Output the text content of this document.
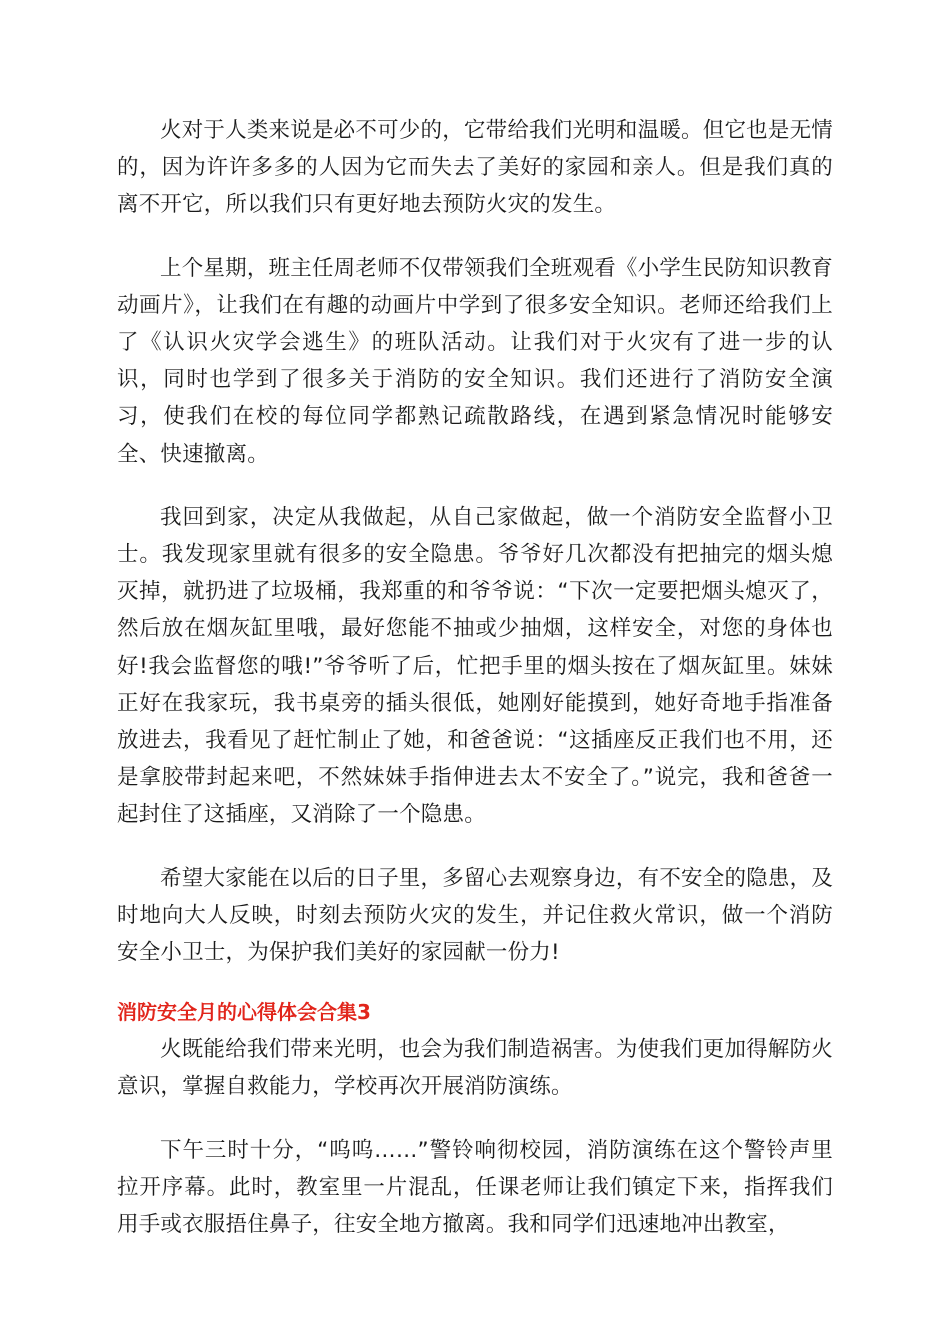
火对于人类来说是必不可少的，它带给我们光明和温暖。但它也是无情的，因为许许多多的人因为它而失去了美好的家园和亲人。但是我们真的离不开它，所以我们只有更好地去预防火灾的发生。

上个星期，班主任周老师不仅带领我们全班观看《小学生民防知识教育动画片》，让我们在有趣的动画片中学到了很多安全知识。老师还给我们上了《认识火灾学会逃生》的班队活动。让我们对于火灾有了进一步的认识，同时也学到了很多关于消防的安全知识。我们还进行了消防安全演习，使我们在校的每位同学都熟记疏散路线，在遇到紧急情况时能够安全、快速撤离。

我回到家，决定从我做起，从自己家做起，做一个消防安全监督小卫士。我发现家里就有很多的安全隐患。爷爷好几次都没有把抽完的烟头熄灭掉，就扔进了垃圾桶，我郑重的和爷爷说：“下次一定要把烟头熄灭了，然后放在烟灰缸里哦，最好您能不抽或少抽烟，这样安全，对您的身体也好!我会监督您的哦!”爷爷听了后，忙把手里的烟头按在了烟灰缸里。妹妹正好在我家玩，我书桌旁的插头很低，她刚好能摸到，她好奇地手指准备放进去，我看见了赶忙制止了她，和爸爸说：“这插座反正我们也不用，还是拿胶带封起来吧，不然妹妹手指伸进去太不安全了。”说完，我和爸爸一起封住了这插座，又消除了一个隐患。

希望大家能在以后的日子里，多留心去观察身边，有不安全的隐患，及时地向大人反映，时刻去预防火灾的发生，并记住救火常识，做一个消防安全小卫士，为保护我们美好的家园献一份力!

消防安全月的心得体会合集3

火既能给我们带来光明，也会为我们制造祸害。为使我们更加得解防火意识，掌握自救能力，学校再次开展消防演练。

下午三时十分，“呜呜……”警铃响彻校园，消防演练在这个警铃声里拉开序幕。此时，教室里一片混乱，任课老师让我们镇定下来，指挥我们用手或衣服捂住鼻子，往安全地方撤离。我和同学们迅速地冲出教室，
